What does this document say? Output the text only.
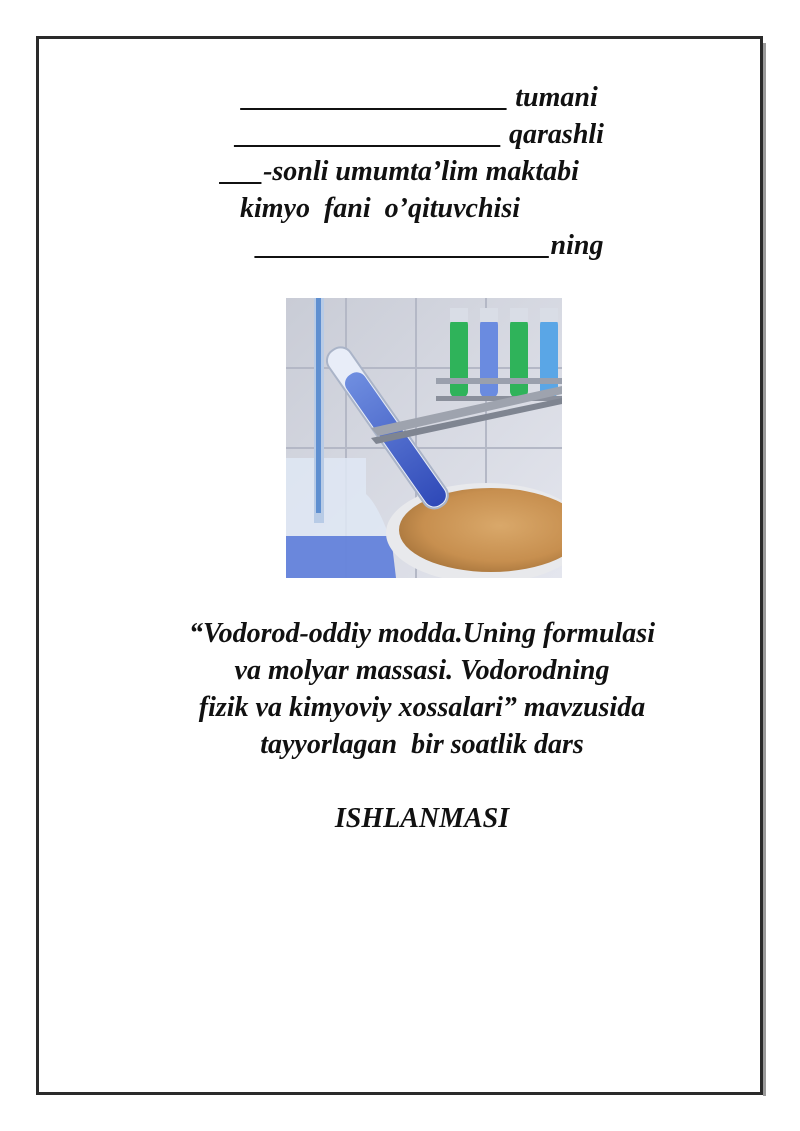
___________________ tumani
___________________ qarashli
___-sonli umumta’lim maktabi
kimyo  fani  o’qituvchisi
_____________________ning
“Vodorod-oddiy modda.Uning formulasi
va molyar massasi. Vodorodning
fizik va kimyoviy xossalari” mavzusida
tayyorlagan  bir soatlik dars
ISHLANMASI
